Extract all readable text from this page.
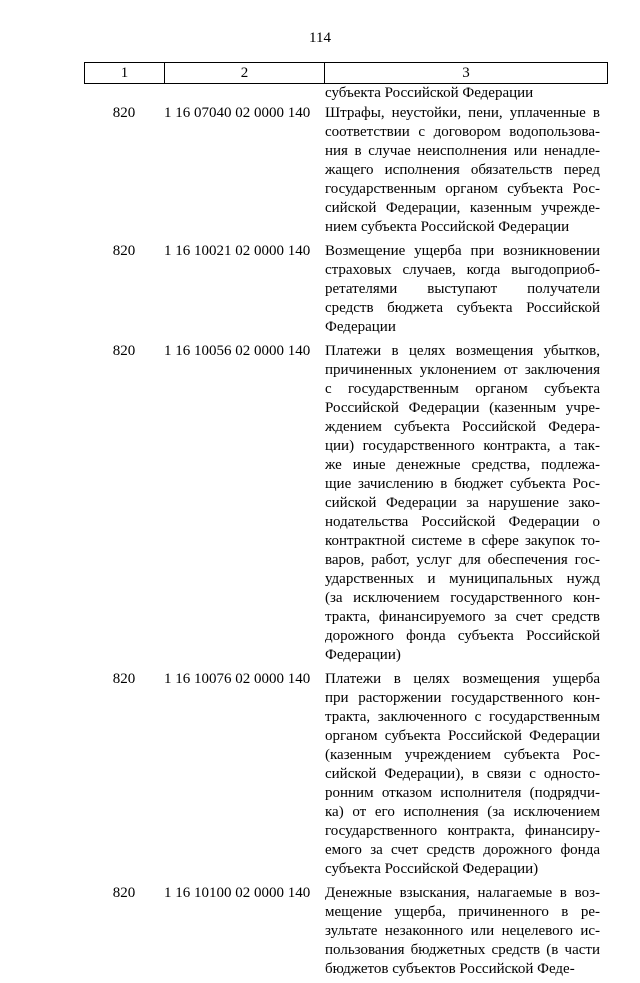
114
1	2	3
субъекта Российской Федерации
820	1 16 07040 02 0000 140 Штрафы, неустойки, пени, уплаченные в
соответствии с договором водопользова-
ния в случае неисполнения или ненадле-
жащего исполнения обязательств перед
государственным органом субъекта Рос-
сийской Федерации, казенным учрежде-
нием субъекта Российской Федерации
820	1 16 10021 02 0000 140 Возмещение ущерба при возникновении
страховых случаев, когда выгодоприоб-
ретателями выступают получатели
средств бюджета субъекта Российской
Федерации
820	1 16 10056 02 0000 140 Платежи в целях возмещения убытков,
причиненных уклонением от заключения
с государственным органом субъекта
Российской Федерации (казенным учре-
ждением субъекта Российской Федера-
ции) государственного контракта, а так-
же иные денежные средства, подлежа-
щие зачислению в бюджет субъекта Рос-
сийской Федерации за нарушение зако-
нодательства Российской Федерации о
контрактной системе в сфере закупок то-
варов, работ, услуг для обеспечения гос-
ударственных и муниципальных нужд
(за исключением государственного кон-
тракта, финансируемого за счет средств
дорожного фонда субъекта Российской
Федерации)
820	1 16 10076 02 0000 140 Платежи в целях возмещения ущерба
при расторжении государственного кон-
тракта, заключенного с государственным
органом субъекта Российской Федерации
(казенным учреждением субъекта Рос-
сийской Федерации), в связи с односто-
ронним отказом исполнителя (подрядчи-
ка) от его исполнения (за исключением
государственного контракта, финансиру-
емого за счет средств дорожного фонда
субъекта Российской Федерации)
820	1 16 10100 02 0000 140 Денежные взыскания, налагаемые в воз-
мещение ущерба, причиненного в ре-
зультате незаконного или нецелевого ис-
пользования бюджетных средств (в части
бюджетов субъектов Российской Феде-
